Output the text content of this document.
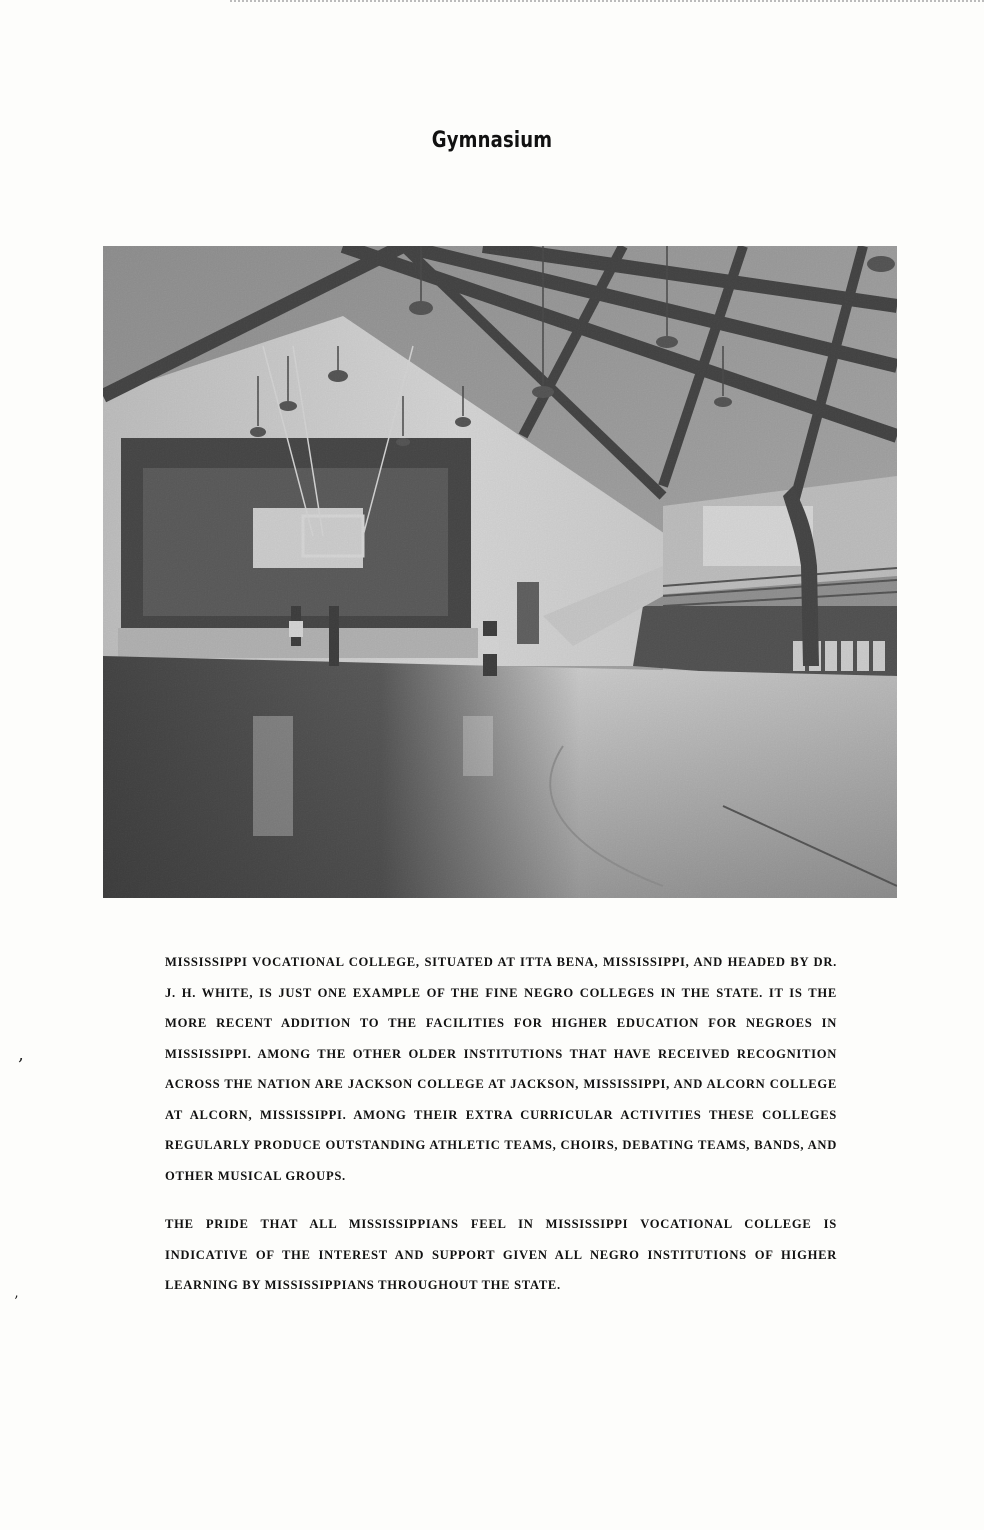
Gymnasium

MISSISSIPPI VOCATIONAL COLLEGE, SITUATED AT ITTA BENA, MISSISSIPPI, AND HEADED BY DR. J. H. WHITE, IS JUST ONE EXAMPLE OF THE FINE NEGRO COLLEGES IN THE STATE. IT IS THE MORE RECENT ADDITION TO THE FACILITIES FOR HIGHER EDUCATION FOR NEGROES IN MISSISSIPPI. AMONG THE OTHER OLDER INSTITUTIONS THAT HAVE RECEIVED RECOGNITION ACROSS THE NATION ARE JACKSON COLLEGE AT JACKSON, MISSISSIPPI, AND ALCORN COLLEGE AT ALCORN, MISSISSIPPI. AMONG THEIR EXTRA CURRICULAR ACTIVITIES THESE COLLEGES REGULARLY PRODUCE OUTSTANDING ATHLETIC TEAMS, CHOIRS, DEBATING TEAMS, BANDS, AND OTHER MUSICAL GROUPS.

THE PRIDE THAT ALL MISSISSIPPIANS FEEL IN MISSISSIPPI VOCATIONAL COLLEGE IS INDICATIVE OF THE INTEREST AND SUPPORT GIVEN ALL NEGRO INSTITUTIONS OF HIGHER LEARNING BY MISSISSIPPIANS THROUGHOUT THE STATE.

‚
’
